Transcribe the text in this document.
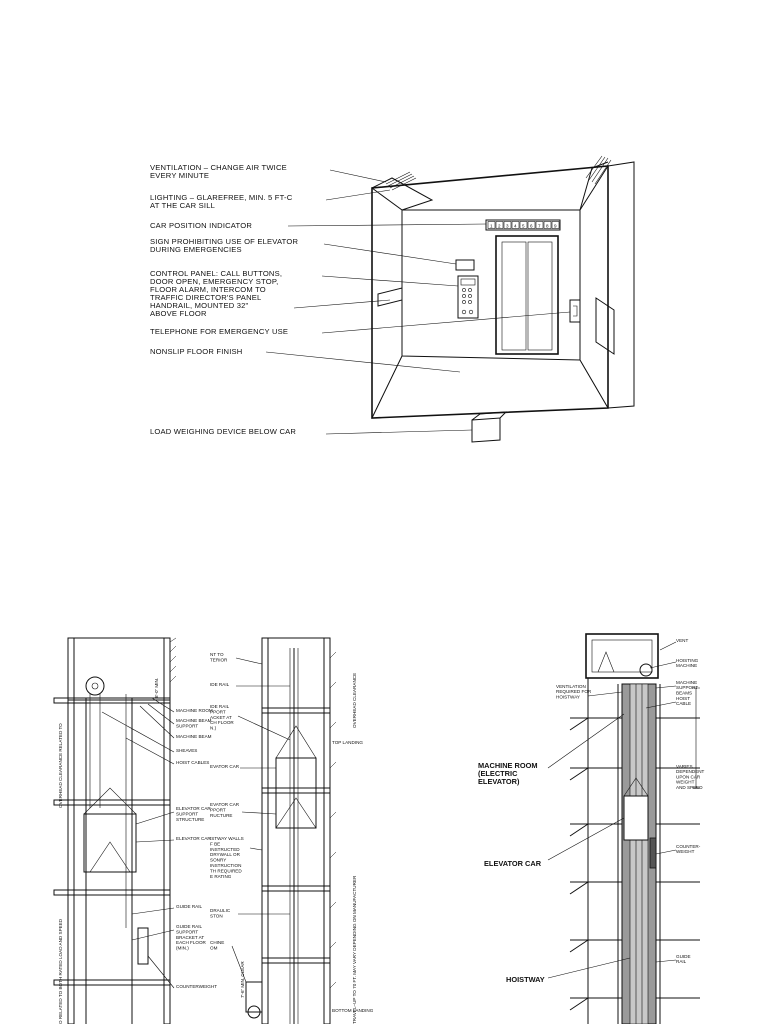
1 2 3 4 5 6 7 8 9
VENTILATION – CHANGE AIR TWICE EVERY MINUTE
LIGHTING – GLAREFREE, MIN. 5 FT-C AT THE CAR SILL
CAR POSITION INDICATOR
SIGN PROHIBITING USE OF ELEVATOR DURING EMERGENCIES
CONTROL PANEL: CALL BUTTONS, DOOR OPEN, EMERGENCY STOP, FLOOR ALARM, INTERCOM TO TRAFFIC DIRECTOR'S PANEL
HANDRAIL, MOUNTED 32" ABOVE FLOOR
TELEPHONE FOR EMERGENCY USE
NONSLIP FLOOR FINISH
LOAD WEIGHING DEVICE BELOW CAR
OVERHEAD CLEARANCE RELATED TO
O RELATED TO BOTH RATED LOAD AND SPEED
8'-0" MIN.
MACHINE ROOM
MACHINE BEAM SUPPORT
MACHINE BEAM
SHEAVES
HOIST CABLES
ELEVATOR CAR SUPPORT STRUCTURE
ELEVATOR CAR
GUIDE RAIL
GUIDE RAIL SUPPORT BRACKET AT EACH FLOOR (MIN.)
COUNTERWEIGHT
NT TO TERIOR
IDE RAIL
IDE RAIL PPORT ACKET AT CH FLOOR N.)
EVATOR CAR
EVATOR CAR PPORT RUCTURE
ISTWAY WALLS F BE INSTRUCTED DRYWALL OR SONRY INSTRUCTION TH REQUIRED E RATING
DRAULIC STON
CHINE OM
OVERHEAD CLEARANCE
TRAVEL–UP TO 70 FT. MAY VARY DEPENDING ON MANUFACTURER
7'-6" MIN. CLEAR
TOP LANDING
BOTTOM LANDING
VENT
HOISTING MACHINE
MACHINE SUPPORT BEAMS
HOIST CABLE
VARIES DEPENDENT UPON CAR WEIGHT AND SPEED
COUNTER-WEIGHT
GUIDE RAIL
VENTILATION REQUIRED FOR HOISTWAY
MACHINE ROOM (ELECTRIC ELEVATOR)
ELEVATOR CAR
HOISTWAY
